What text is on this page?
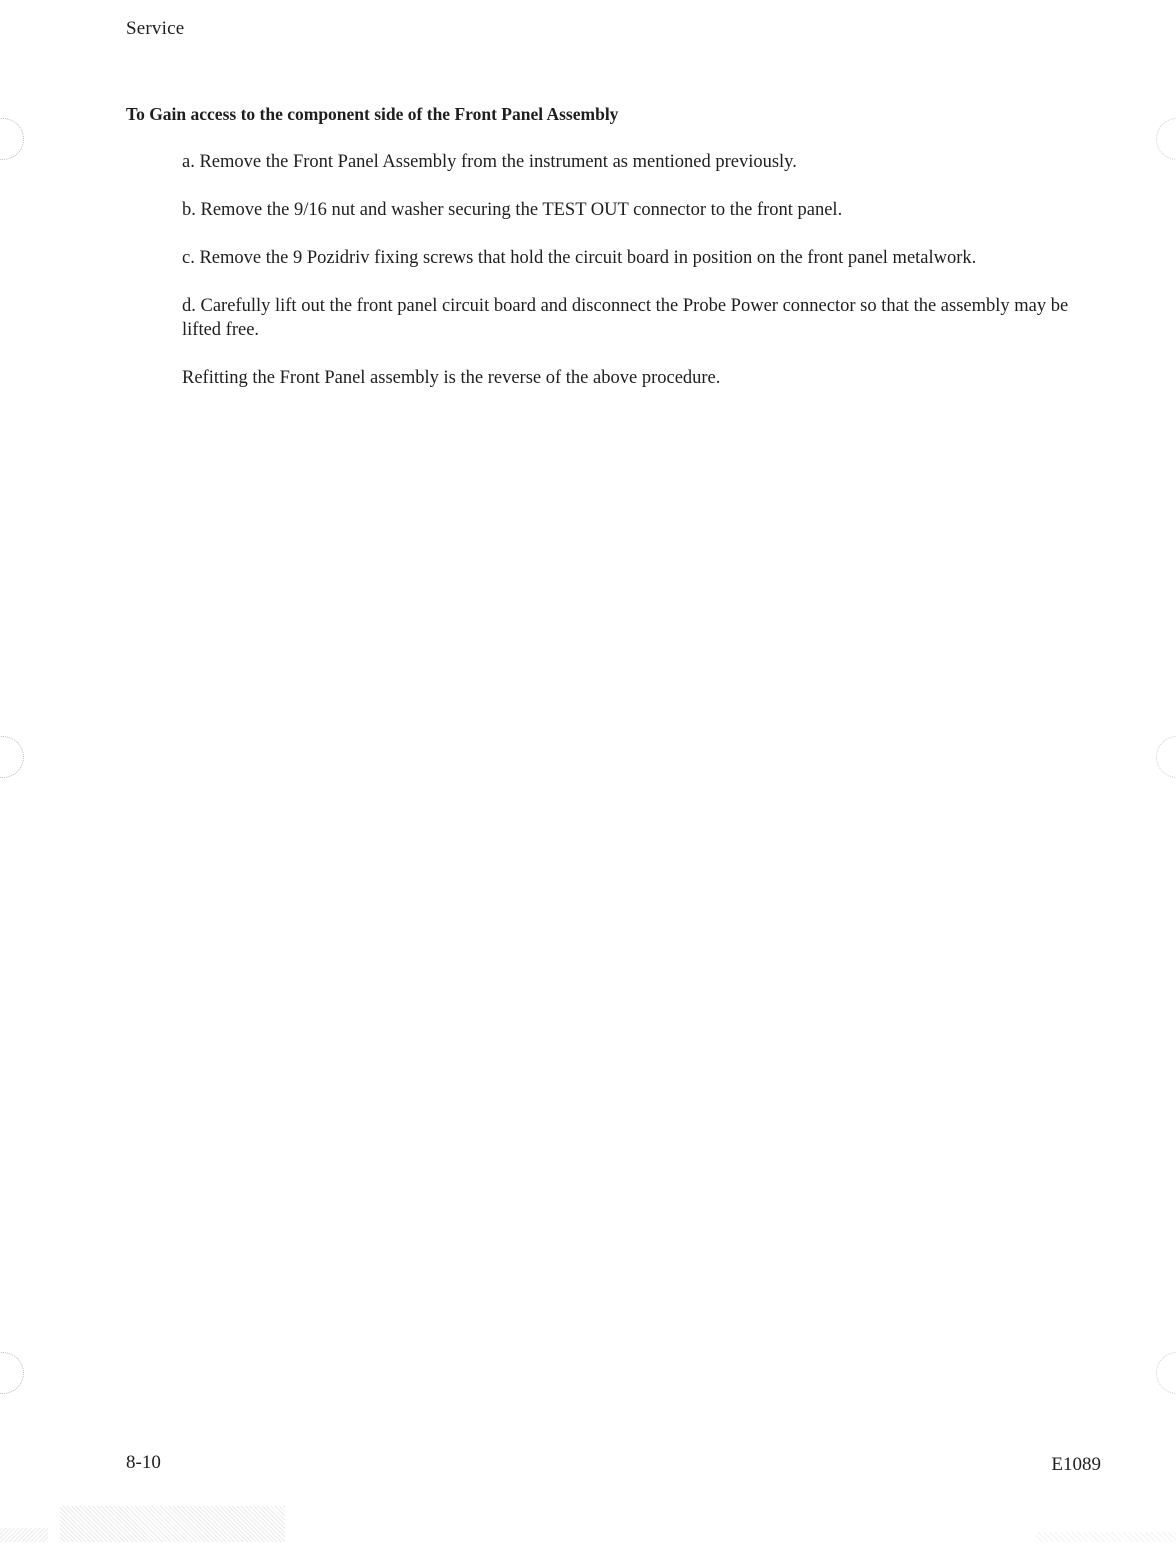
Service
To Gain access to the component side of the Front Panel Assembly
a. Remove the Front Panel Assembly from the instrument as mentioned previously.
b. Remove the 9/16 nut and washer securing the TEST OUT connector to the front panel.
c. Remove the 9 Pozidriv fixing screws that hold the circuit board in position on the front panel metalwork.
d. Carefully lift out the front panel circuit board and disconnect the Probe Power connector so that the assembly may be lifted free.

Refitting the Front Panel assembly is the reverse of the above procedure.

8-10	E1089
